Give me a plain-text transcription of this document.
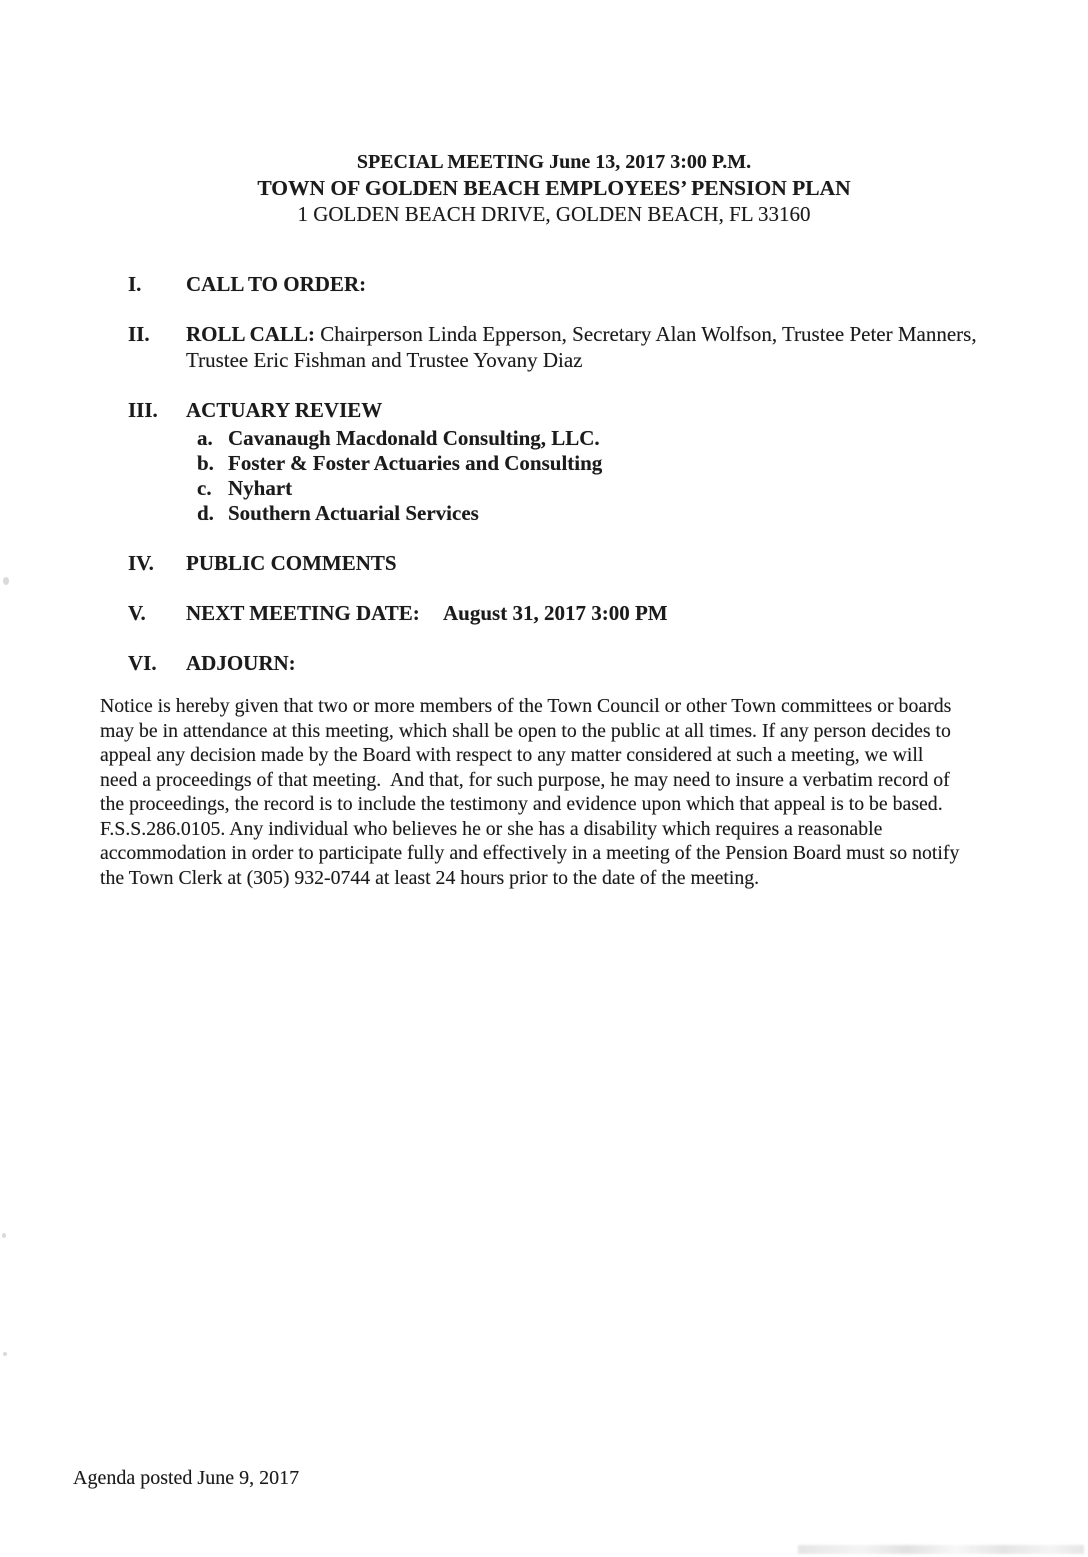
SPECIAL MEETING June 13, 2017 3:00 P.M.
TOWN OF GOLDEN BEACH EMPLOYEES’ PENSION PLAN
1 GOLDEN BEACH DRIVE, GOLDEN BEACH, FL 33160
I.	CALL TO ORDER:
II.	ROLL CALL: Chairperson Linda Epperson, Secretary Alan Wolfson, Trustee Peter Manners, Trustee Eric Fishman and Trustee Yovany Diaz
III.	ACTUARY REVIEW
a. Cavanaugh Macdonald Consulting, LLC.
b. Foster & Foster Actuaries and Consulting
c. Nyhart
d. Southern Actuarial Services
IV.	PUBLIC COMMENTS
V.	NEXT MEETING DATE: August 31, 2017 3:00 PM
VI.	ADJOURN:
Notice is hereby given that two or more members of the Town Council or other Town committees or boards
may be in attendance at this meeting, which shall be open to the public at all times. If any person decides to
appeal any decision made by the Board with respect to any matter considered at such a meeting, we will
need a proceedings of that meeting.  And that, for such purpose, he may need to insure a verbatim record of
the proceedings, the record is to include the testimony and evidence upon which that appeal is to be based.
F.S.S.286.0105. Any individual who believes he or she has a disability which requires a reasonable
accommodation in order to participate fully and effectively in a meeting of the Pension Board must so notify
the Town Clerk at (305) 932-0744 at least 24 hours prior to the date of the meeting.
Agenda posted June 9, 2017
